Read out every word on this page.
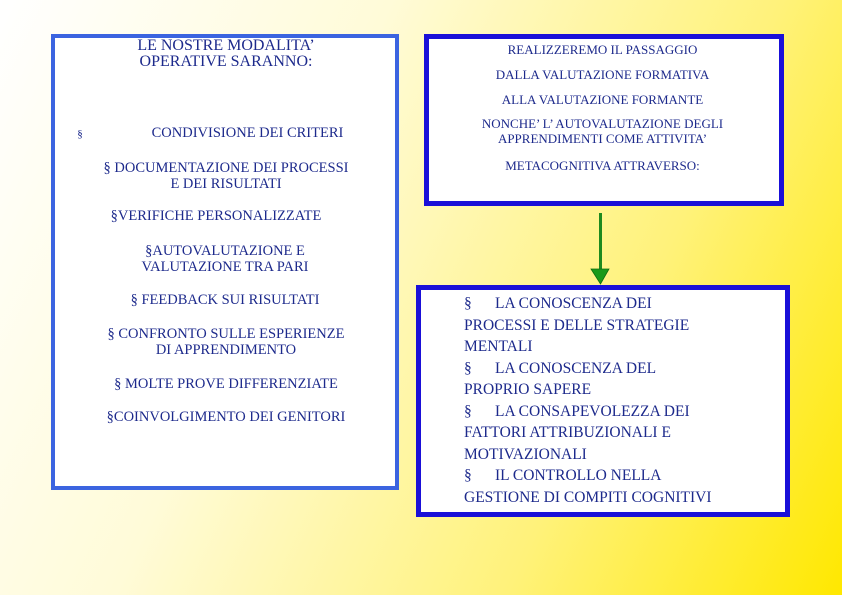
LE NOSTRE MODALITA’
OPERATIVE SARANNO:
§	CONDIVISIONE DEI CRITERI
§ DOCUMENTAZIONE DEI PROCESSI
E DEI RISULTATI
§VERIFICHE PERSONALIZZATE
§AUTOVALUTAZIONE E
VALUTAZIONE TRA PARI
§ FEEDBACK SUI RISULTATI
§ CONFRONTO SULLE ESPERIENZE
DI APPRENDIMENTO
§ MOLTE PROVE DIFFERENZIATE
§COINVOLGIMENTO DEI GENITORI
REALIZZEREMO IL PASSAGGIO
DALLA VALUTAZIONE FORMATIVA
ALLA VALUTAZIONE FORMANTE
NONCHE’ L’ AUTOVALUTAZIONE DEGLI
APPRENDIMENTI COME ATTIVITA’
METACOGNITIVA ATTRAVERSO:
§      LA CONOSCENZA DEI
PROCESSI E DELLE STRATEGIE
MENTALI
§      LA CONOSCENZA DEL
PROPRIO SAPERE
§      LA CONSAPEVOLEZZA DEI
FATTORI ATTRIBUZIONALI E
MOTIVAZIONALI
§      IL CONTROLLO NELLA
GESTIONE DI COMPITI COGNITIVI
